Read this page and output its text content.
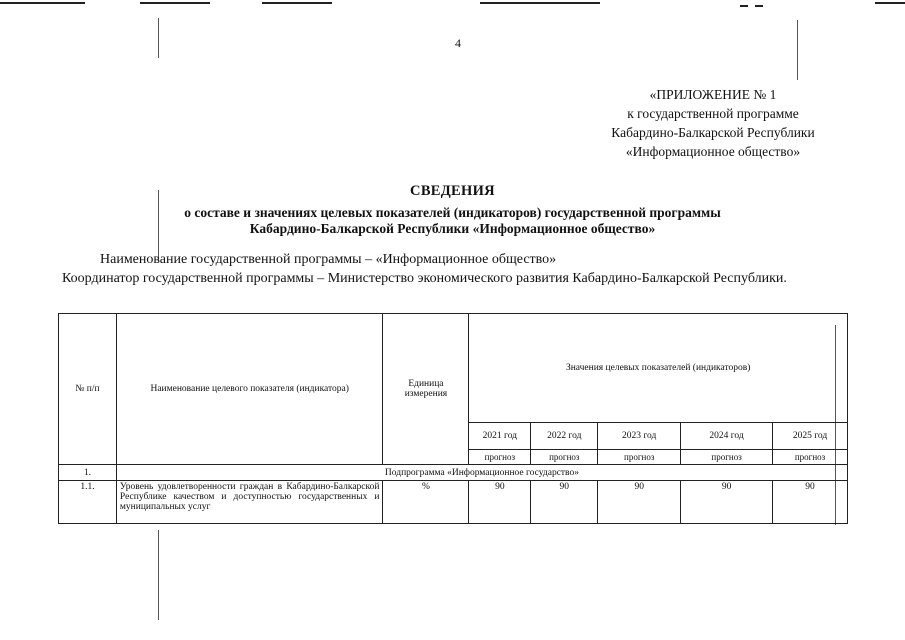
4
«ПРИЛОЖЕНИЕ № 1
к государственной программе
Кабардино-Балкарской Республики
«Информационное общество»
СВЕДЕНИЯ
о составе и значениях целевых показателей (индикаторов) государственной программы
Кабардино-Балкарской Республики «Информационное общество»
Наименование государственной программы – «Информационное общество»
Координатор государственной программы – Министерство экономического развития Кабардино-Балкарской Республики.
№ п/п	Наименование целевого показателя (индикатора)	Единица измерения	Значения целевых показателей (индикаторов)				
			2021 год	2022 год	2023 год	2024 год	2025 год
			прогноз	прогноз	прогноз	прогноз	прогноз
1.	Подпрограмма «Информационное государство»						
1.1.	Уровень удовлетворенности граждан в Кабардино-Балкарской Республике качеством и доступностью государственных и муниципальных услуг	%	90	90	90	90	90
